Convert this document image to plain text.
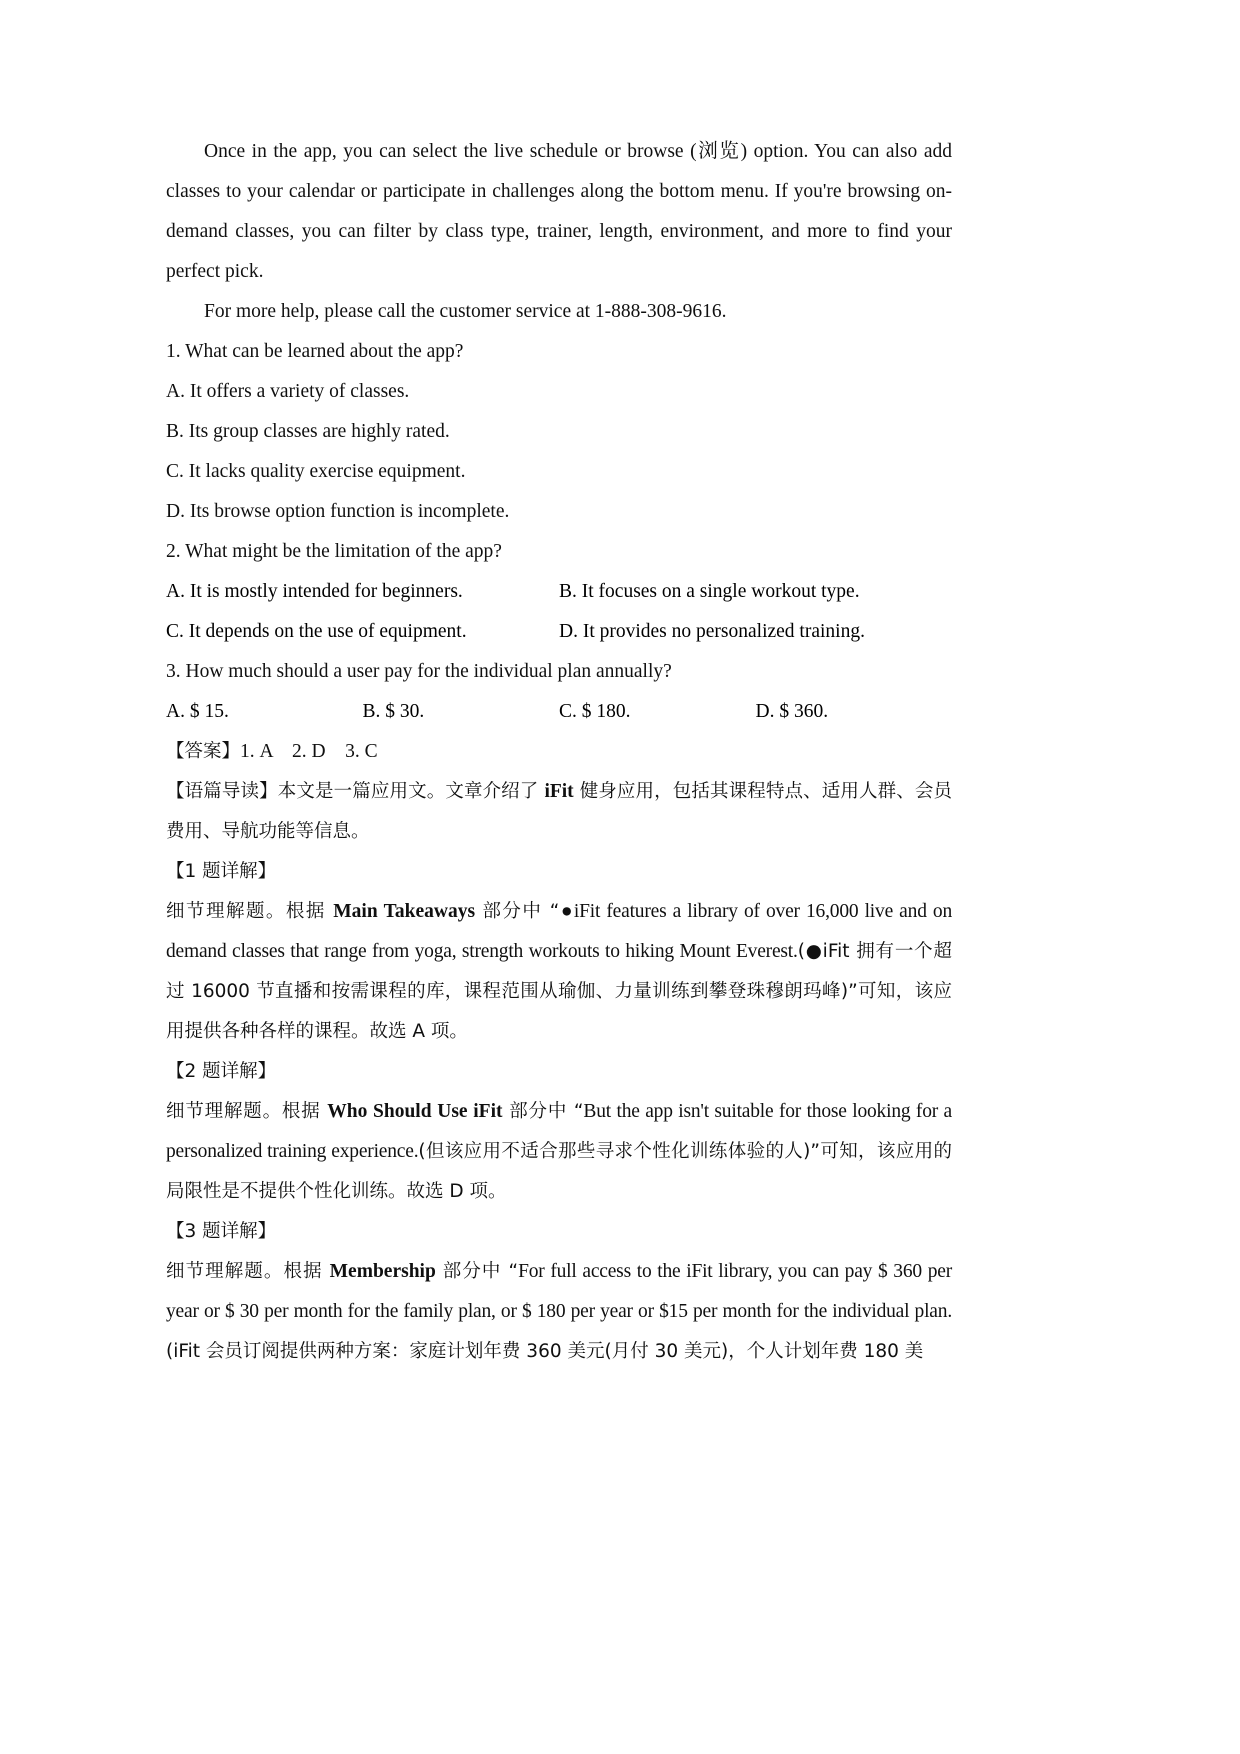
Once in the app, you can select the live schedule or browse (浏览) option. You can also add classes to your calendar or participate in challenges along the bottom menu. If you're browsing on-demand classes, you can filter by class type, trainer, length, environment, and more to find your perfect pick.

For more help, please call the customer service at 1-888-308-9616.

1. What can be learned about the app?

A. It offers a variety of classes.

B. Its group classes are highly rated.

C. It lacks quality exercise equipment.

D. Its browse option function is incomplete.

2. What might be the limitation of the app?

A. It is mostly intended for beginners.	B. It focuses on a single workout type.
C. It depends on the use of equipment.	D. It provides no personalized training.

3. How much should a user pay for the individual plan annually?

A. $ 15.	B. $ 30.	C. $ 180.	D. $ 360.

【答案】1. A　2. D　3. C

【语篇导读】本文是一篇应用文。文章介绍了 iFit 健身应用，包括其课程特点、适用人群、会员费用、导航功能等信息。

【1 题详解】

细节理解题。根据 Main Takeaways 部分中 “●iFit features a library of over 16,000 live and on demand classes that range from yoga, strength workouts to hiking Mount Everest.(●iFit 拥有一个超过 16000 节直播和按需课程的库，课程范围从瑜伽、力量训练到攀登珠穆朗玛峰)”可知，该应用提供各种各样的课程。故选 A 项。

【2 题详解】

细节理解题。根据 Who Should Use iFit 部分中 “But the app isn't suitable for those looking for a personalized training experience.(但该应用不适合那些寻求个性化训练体验的人)”可知，该应用的局限性是不提供个性化训练。故选 D 项。

【3 题详解】

细节理解题。根据 Membership 部分中 “For full access to the iFit library, you can pay $ 360 per year or $ 30 per month for the family plan, or $ 180 per year or $15 per month for the individual plan.(iFit 会员订阅提供两种方案：家庭计划年费 360 美元(月付 30 美元)，个人计划年费 180 美
